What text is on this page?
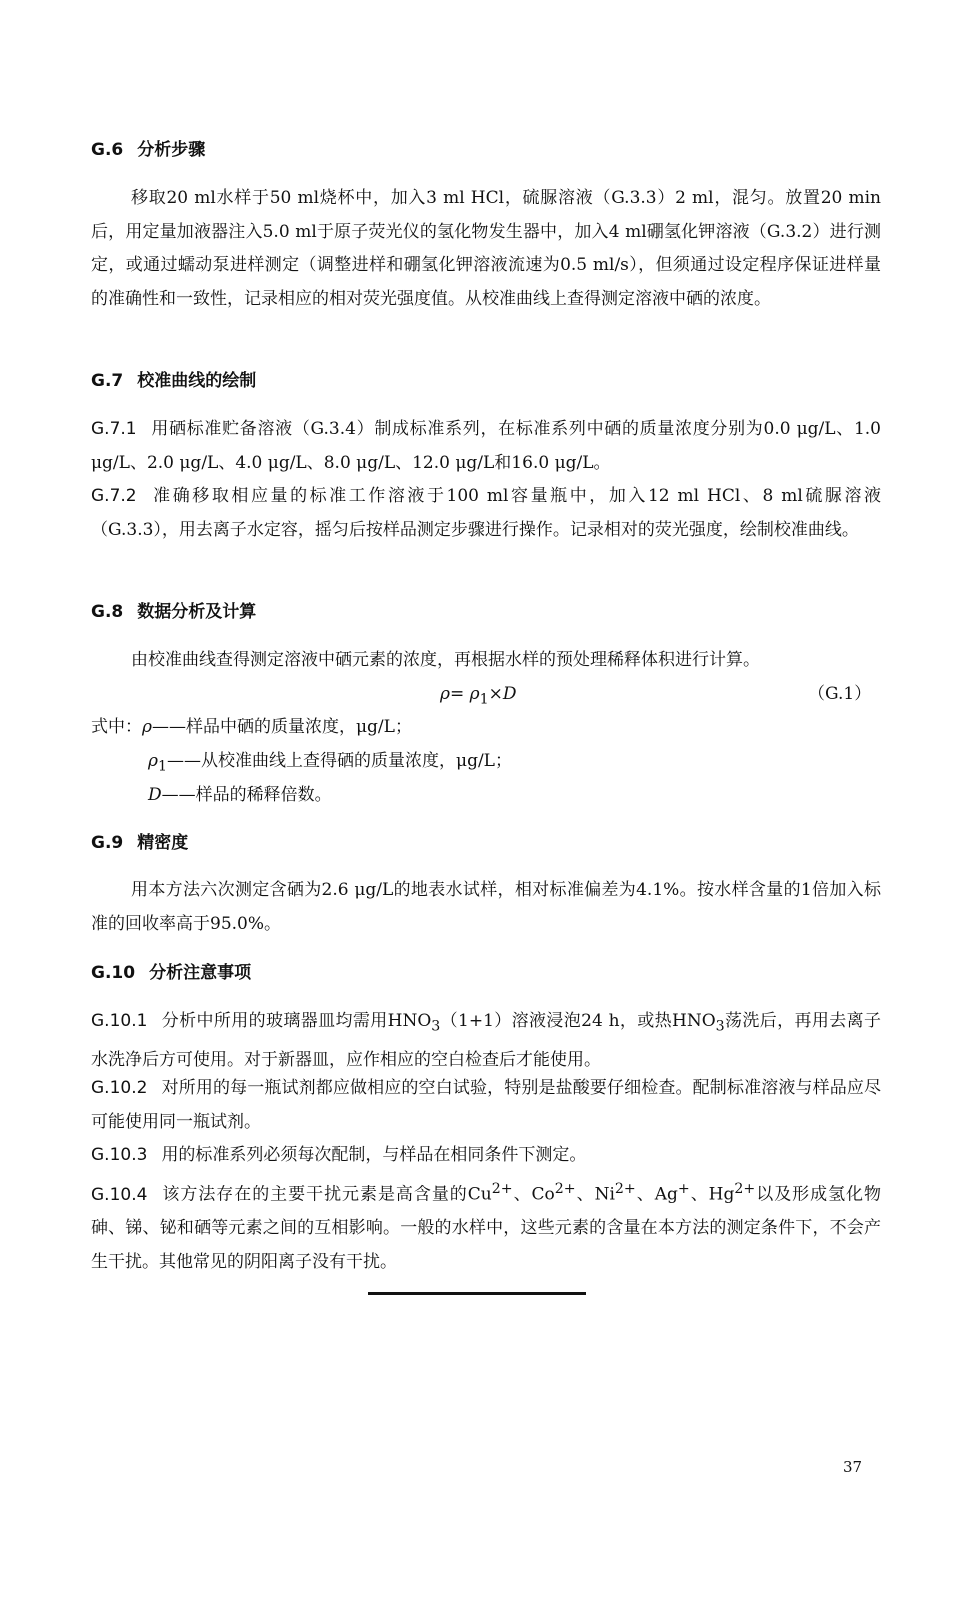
G.6 分析步骤
移取20 ml水样于50 ml烧杯中，加入3 ml HCl，硫脲溶液（G.3.3）2 ml，混匀。放置20 min后，用定量加液器注入5.0 ml于原子荧光仪的氢化物发生器中，加入4 ml硼氢化钾溶液（G.3.2）进行测定，或通过蠕动泵进样测定（调整进样和硼氢化钾溶液流速为0.5 ml/s），但须通过设定程序保证进样量的准确性和一致性，记录相应的相对荧光强度值。从校准曲线上查得测定溶液中硒的浓度。
G.7 校准曲线的绘制
G.7.1 用硒标准贮备溶液（G.3.4）制成标准系列，在标准系列中硒的质量浓度分别为0.0 μg/L、1.0 μg/L、2.0 μg/L、4.0 μg/L、8.0 μg/L、12.0 μg/L和16.0 μg/L。
G.7.2 准确移取相应量的标准工作溶液于100 ml容量瓶中，加入12 ml HCl、8 ml硫脲溶液（G.3.3），用去离子水定容，摇匀后按样品测定步骤进行操作。记录相对的荧光强度，绘制校准曲线。
G.8 数据分析及计算
由校准曲线查得测定溶液中硒元素的浓度，再根据水样的预处理稀释体积进行计算。
$\rho= \rho_1\times D$	（G.1）
式中：ρ——样品中硒的质量浓度，μg/L；
$\rho_1——$从校准曲线上查得硒的质量浓度，μg/L；
D——样品的稀释倍数。
G.9 精密度
用本方法六次测定含硒为2.6 μg/L的地表水试样，相对标准偏差为4.1%。按水样含量的1倍加入标准的回收率高于95.0%。
G.10 分析注意事项
G.10.1 分析中所用的玻璃器皿均需用$HNO_3(1+1)$溶液浸泡24 h，或热$HNO_3$荡洗后，再用去离子水洗净后方可使用。对于新器皿，应作相应的空白检查后才能使用。
G.10.2 对所用的每一瓶试剂都应做相应的空白试验，特别是盐酸要仔细检查。配制标准溶液与样品应尽可能使用同一瓶试剂。
G.10.3 用的标准系列必须每次配制，与样品在相同条件下测定。
G.10.4 该方法存在的主要干扰元素是高含量的$Cu^{2+}$、$Co^{2+}$、$Ni^{2+}$、Ag+、$Hg^{2+}$以及形成氢化物砷、锑、铋和硒等元素之间的互相影响。一般的水样中，这些元素的含量在本方法的测定条件下，不会产生干扰。其他常见的阴阳离子没有干扰。
37
